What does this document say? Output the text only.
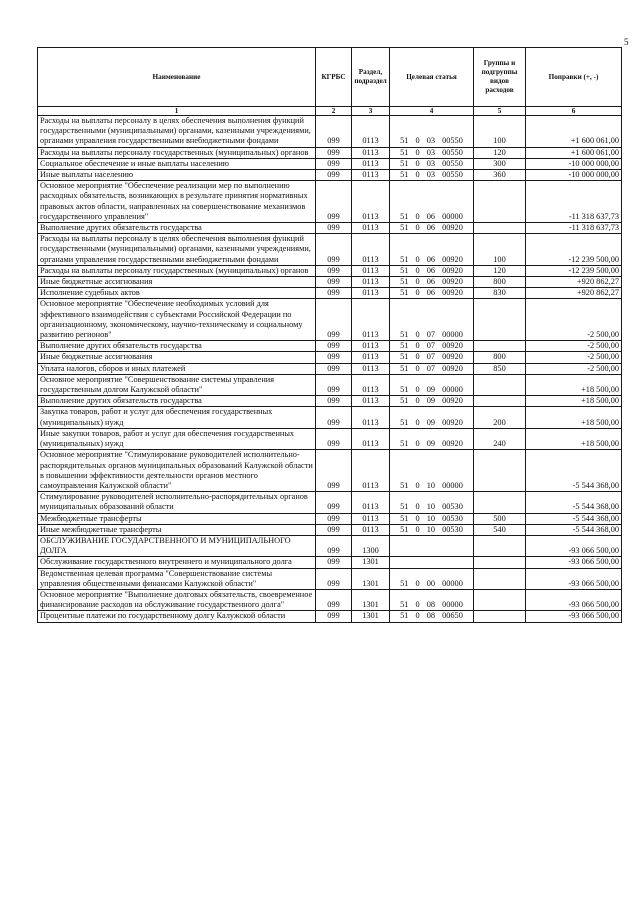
5
Наименование	КГРБС	Раздел, подраздел	Целевая статья	Группы и подгруппы видов расходов	Поправки (+, -)
1	2	3	4	5	6
Расходы на выплаты персоналу в целях обеспечения выполнения функций государственными (муниципальными) органами, казенными учреждениями, органами управления государственными внебюджетными фондами	099	0113	51 0 03 00550	100	+1 600 061,00
Расходы на выплаты персоналу государственных (муниципальных) органов	099	0113	51 0 03 00550	120	+1 600 061,00
Социальное обеспечение и иные выплаты населению	099	0113	51 0 03 00550	300	-10 000 000,00
Иные выплаты населению	099	0113	51 0 03 00550	360	-10 000 000,00
Основное мероприятие "Обеспечение реализации мер по выполнению расходных обязательств, возникающих в результате принятия нормативных правовых актов области, направленных на совершенствование механизмов государственного управления"	099	0113	51 0 06 00000		-11 318 637,73
Выполнение других обязательств государства	099	0113	51 0 06 00920		-11 318 637,73
Расходы на выплаты персоналу в целях обеспечения выполнения функций государственными (муниципальными) органами, казенными учреждениями, органами управления государственными внебюджетными фондами	099	0113	51 0 06 00920	100	-12 239 500,00
Расходы на выплаты персоналу государственных (муниципальных) органов	099	0113	51 0 06 00920	120	-12 239 500,00
Иные бюджетные ассигнования	099	0113	51 0 06 00920	800	+920 862,27
Исполнение судебных актов	099	0113	51 0 06 00920	830	+920 862,27
Основное мероприятие "Обеспечение необходимых условий для эффективного взаимодействия с субъектами Российской Федерации по организационному, экономическому, научно-техническому и социальному развитию регионов"	099	0113	51 0 07 00000		-2 500,00
Выполнение других обязательств государства	099	0113	51 0 07 00920		-2 500,00
Иные бюджетные ассигнования	099	0113	51 0 07 00920	800	-2 500,00
Уплата налогов, сборов и иных платежей	099	0113	51 0 07 00920	850	-2 500,00
Основное мероприятие "Совершенствование системы управления государственным долгом Калужской области"	099	0113	51 0 09 00000		+18 500,00
Выполнение других обязательств государства	099	0113	51 0 09 00920		+18 500,00
Закупка товаров, работ и услуг для обеспечения государственных (муниципальных) нужд	099	0113	51 0 09 00920	200	+18 500,00
Иные закупки товаров, работ и услуг для обеспечения государственных (муниципальных) нужд	099	0113	51 0 09 00920	240	+18 500,00
Основное мероприятие "Стимулирование руководителей исполнительно-распорядительных органов муниципальных образований Калужской области в повышении эффективности деятельности органов местного самоуправления Калужской области"	099	0113	51 0 10 00000		-5 544 368,00
Стимулирование руководителей исполнительно-распорядительных органов муниципальных образований области	099	0113	51 0 10 00530		-5 544 368,00
Межбюджетные трансферты	099	0113	51 0 10 00530	500	-5 544 368,00
Иные межбюджетные трансферты	099	0113	51 0 10 00530	540	-5 544 368,00
ОБСЛУЖИВАНИЕ ГОСУДАРСТВЕННОГО И МУНИЦИПАЛЬНОГО ДОЛГА	099	1300			-93 066 500,00
Обслуживание государственного внутреннего и муниципального долга	099	1301			-93 066 500,00
Ведомственная целевая программа "Совершенствование системы управления общественными финансами Калужской области"	099	1301	51 0 00 00000		-93 066 500,00
Основное мероприятие "Выполнение долговых обязательств, своевременное финансирование расходов на обслуживание государственного долга"	099	1301	51 0 08 00000		-93 066 500,00
Процентные платежи по государственному долгу Калужской области	099	1301	51 0 08 00650		-93 066 500,00
